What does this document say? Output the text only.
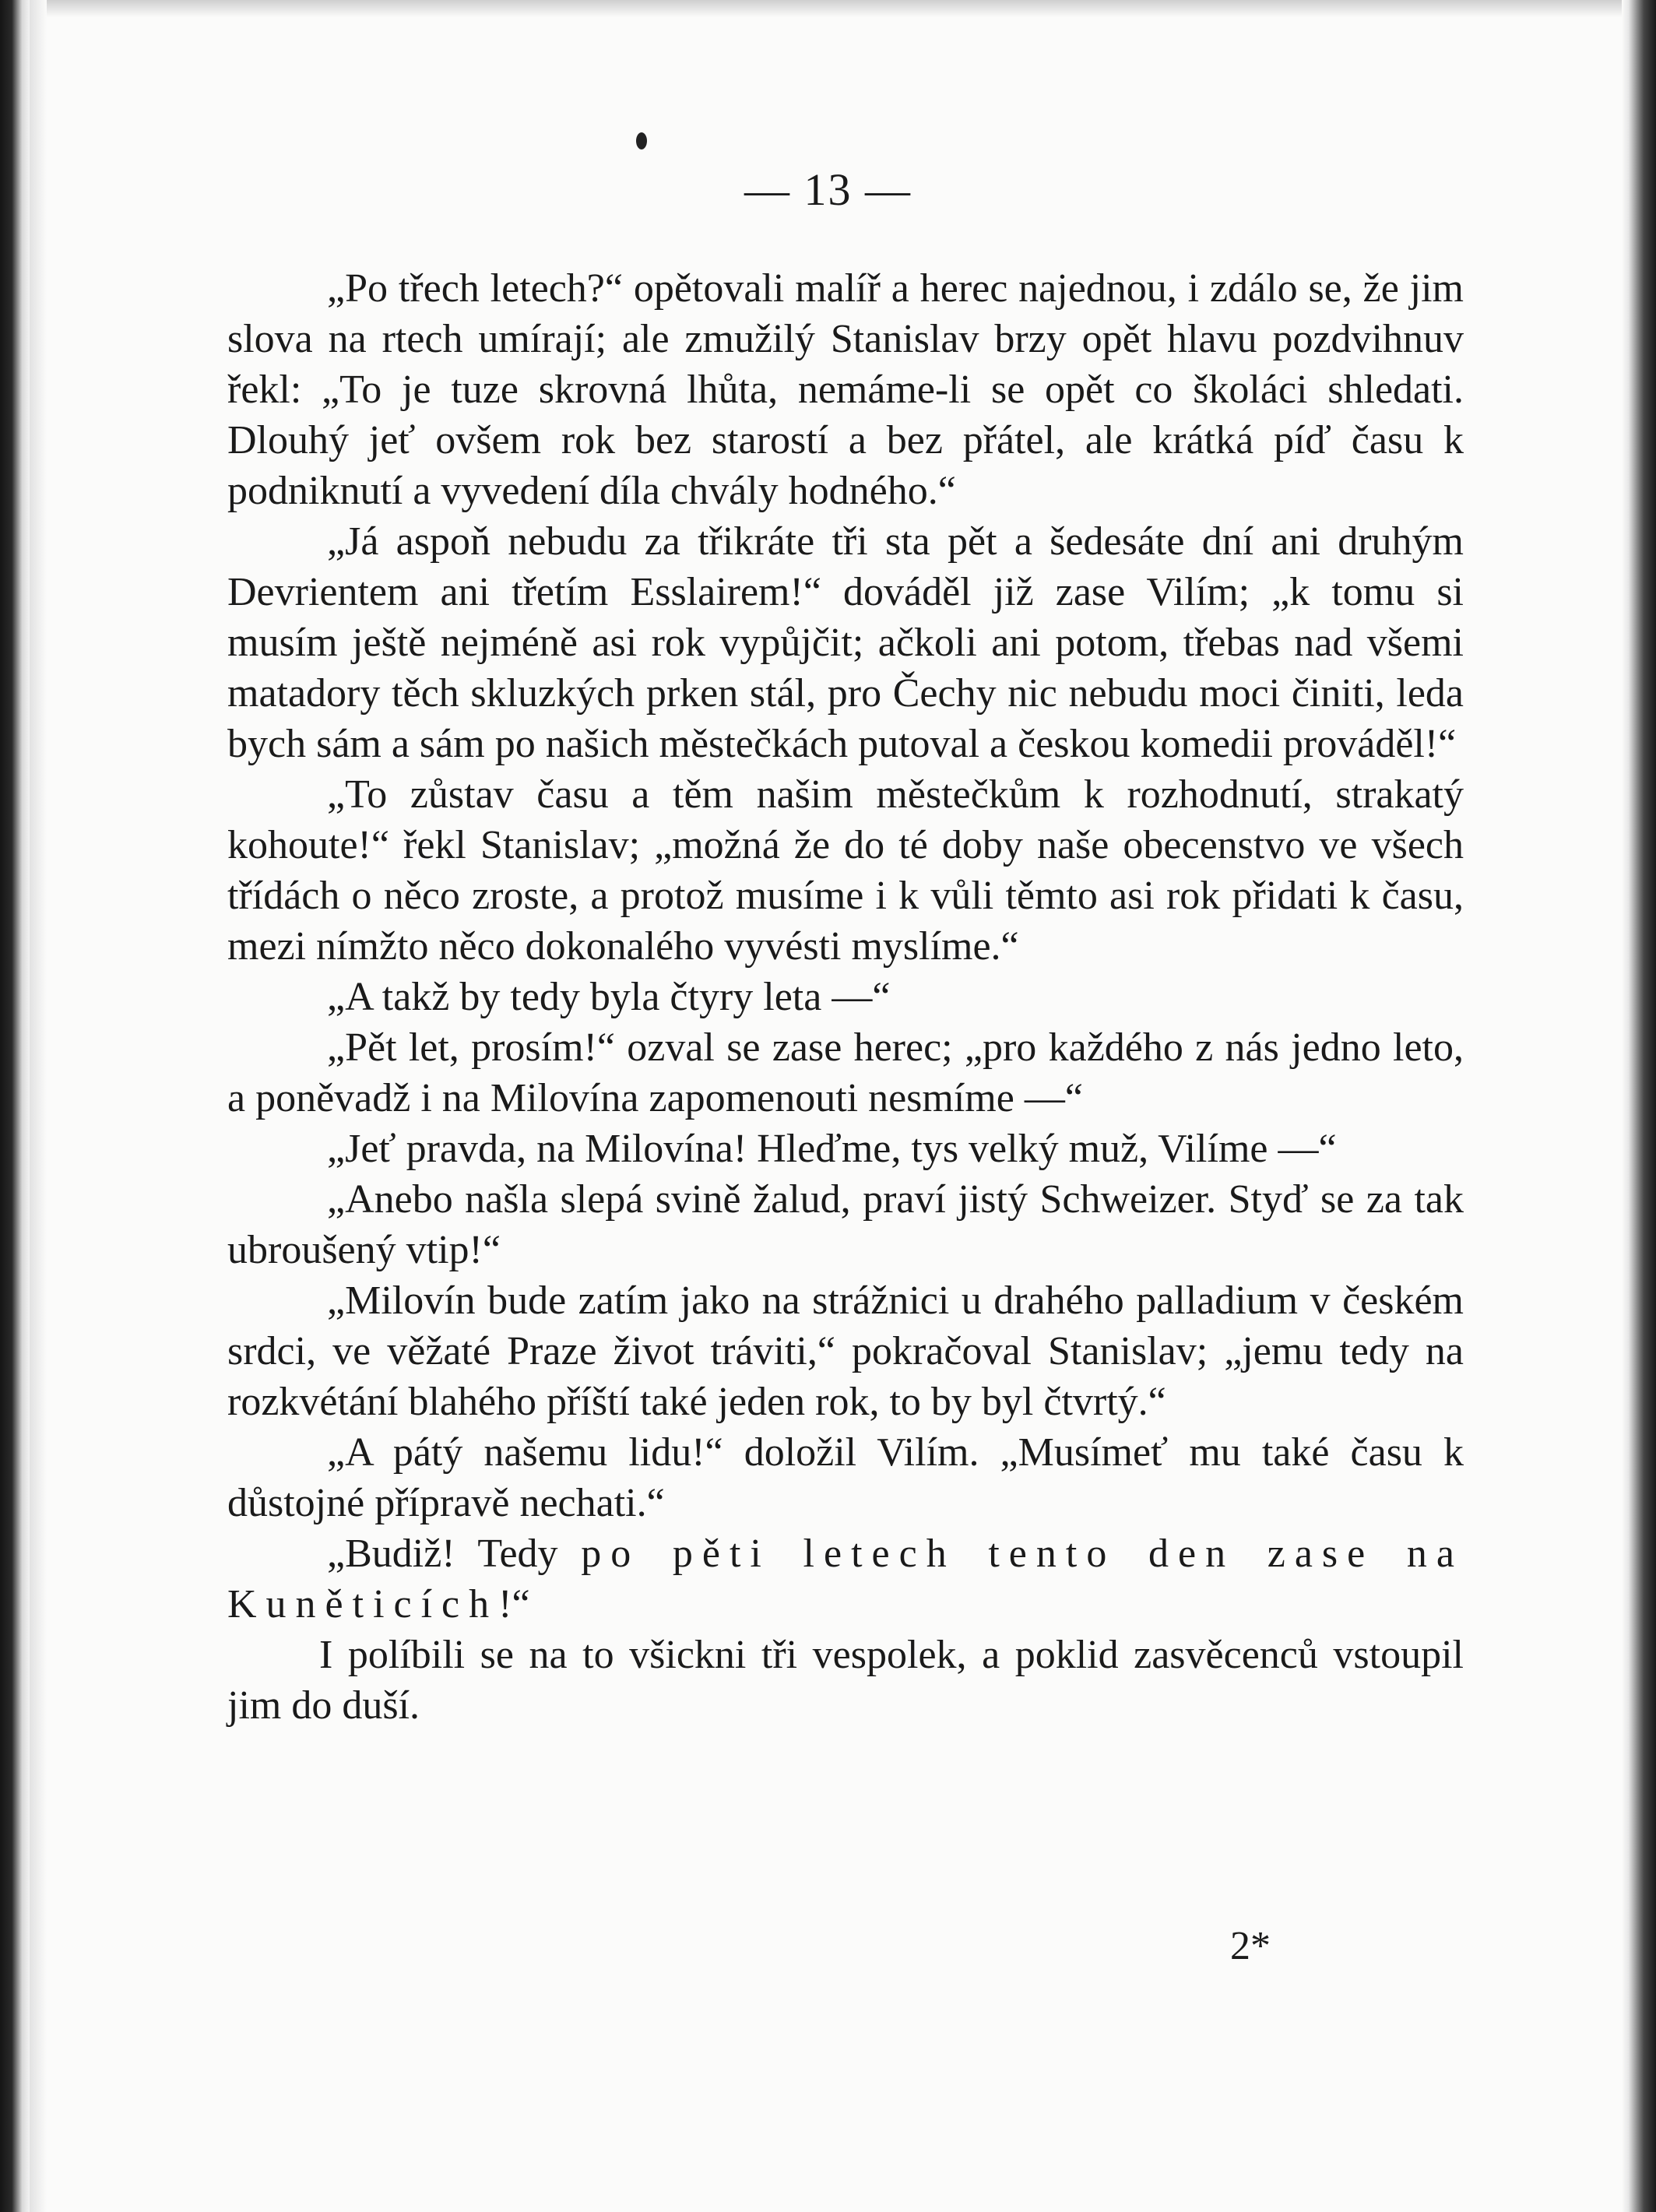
— 13 —

„Po třech letech?“ opětovali malíř a herec najednou, i zdálo se, že jim slova na rtech umírají; ale zmužilý Stanislav brzy opět hlavu pozdvihnuv řekl: „To je tuze skrovná lhůta, nemáme-li se opět co školáci shledati. Dlouhý jeť ovšem rok bez starostí a bez přátel, ale krátká píď času k podniknutí a vyvedení díla chvály hodného.“

„Já aspoň nebudu za třikráte tři sta pět a šedesáte dní ani druhým Devrientem ani třetím Esslairem!“ dováděl již zase Vilím; „k tomu si musím ještě nejméně asi rok vypůjčit; ačkoli ani potom, třebas nad všemi matadory těch skluzkých prken stál, pro Čechy nic nebudu moci činiti, leda bych sám a sám po našich městečkách putoval a českou komedii prováděl!“

„To zůstav času a těm našim městečkům k rozhodnutí, strakatý kohoute!“ řekl Stanislav; „možná že do té doby naše obecenstvo ve všech třídách o něco zroste, a protož musíme i k vůli těmto asi rok přidati k času, mezi nímžto něco dokonalého vyvésti myslíme.“

„A takž by tedy byla čtyry leta —“

„Pět let, prosím!“ ozval se zase herec; „pro každého z nás jedno leto, a poněvadž i na Milovína zapomenouti nesmíme —“

„Jeť pravda, na Milovína! Hleďme, tys velký muž, Vilíme —“

„Anebo našla slepá svině žalud, praví jistý Schweizer. Styď se za tak ubroušený vtip!“

„Milovín bude zatím jako na strážnici u drahého palladium v českém srdci, ve věžaté Praze život tráviti,“ pokračoval Stanislav; „jemu tedy na rozkvétání blahého příští také jeden rok, to by byl čtvrtý.“

„A pátý našemu lidu!“ doložil Vilím. „Musímeť mu také času k důstojné přípravě nechati.“

„Budiž! Tedy po pěti letech tento den zase na Kuněticích!“

I políbili se na to všickni tři vespolek, a poklid zasvěcenců vstoupil jim do duší.

2*
